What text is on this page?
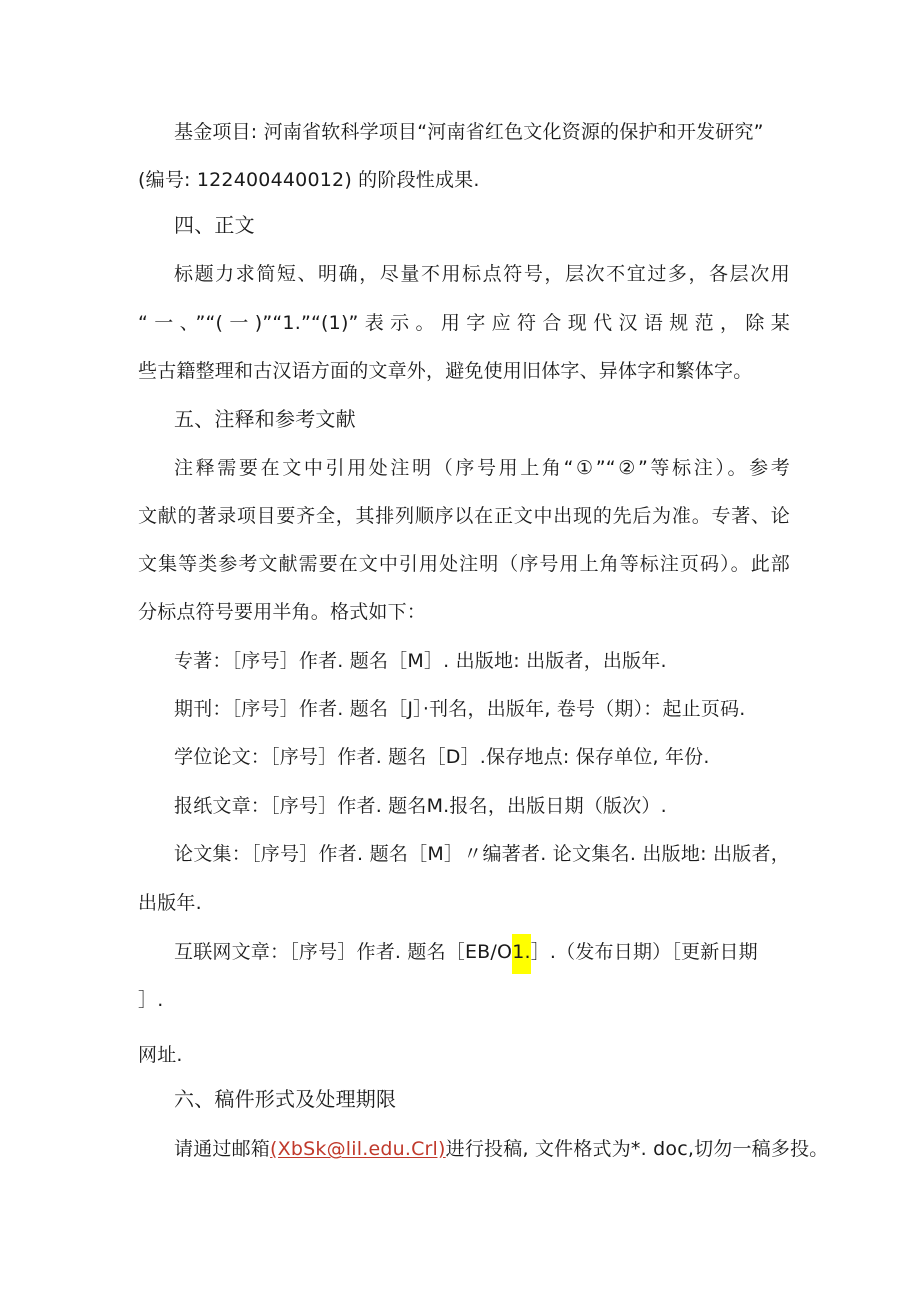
基金项目: 河南省软科学项目“河南省红色文化资源的保护和开发研究”
(编号: 122400440012) 的阶段性成果.
四、正文
标题力求简短、明确，尽量不用标点符号，层次不宜过多，各层次用
“一、”“(一)”“1.”“(1)”表示。用字应符合现代汉语规范，除某
些古籍整理和古汉语方面的文章外，避免使用旧体字、异体字和繁体字。
五、注释和参考文献
注释需要在文中引用处注明（序号用上角“①”“②”等标注）。参考
文献的著录项目要齐全，其排列顺序以在正文中出现的先后为准。专著、论
文集等类参考文献需要在文中引用处注明（序号用上角等标注页码）。此部
分标点符号要用半角。格式如下：
专著：［序号］作者. 题名［M］. 出版地: 出版者，出版年.
期刊：［序号］作者. 题名［J］·刊名，出版年, 卷号（期）：起止页码.
学位论文：［序号］作者. 题名［D］.保存地点: 保存单位, 年份.
报纸文章：［序号］作者. 题名M.报名，出版日期（版次）.
论文集：［序号］作者. 题名［M］〃编著者. 论文集名. 出版地: 出版者，
出版年.
互联网文章：［序号］作者. 题名［EB/O1.］.（发布日期）［更新日期
］.
网址.
六、稿件形式及处理期限
请通过邮箱(XbSk@lil.edu.Crl)进行投稿, 文件格式为*. doc,切勿一稿多投。
